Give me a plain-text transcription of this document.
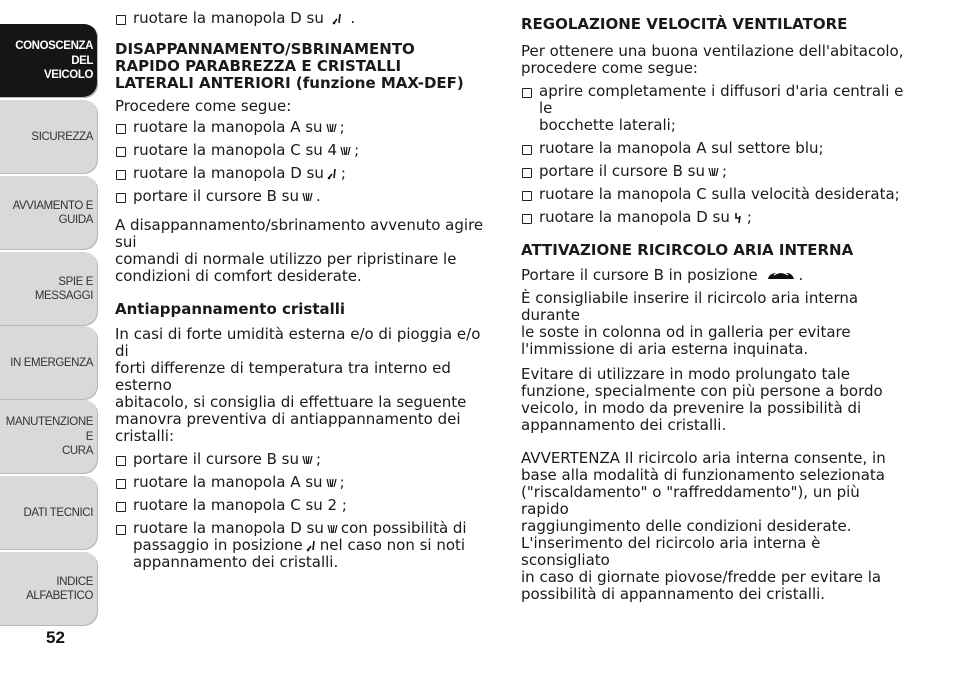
CONOSCENZA DEL
VEICOLO
SICUREZZA
AVVIAMENTO E
GUIDA
SPIE E MESSAGGI
IN EMERGENZA
MANUTENZIONE E
CURA
DATI TECNICI
INDICE ALFABETICO
52

ruotare la manopola D su .

DISAPPANNAMENTO/SBRINAMENTO

RAPIDO PARABREZZA E CRISTALLI

LATERALI ANTERIORI (funzione MAX-DEF)

Procedere come segue:

ruotare la manopola A su ;

ruotare la manopola C su 4 ;

ruotare la manopola D su ;

portare il cursore B su .

A disappannamento/sbrinamento avvenuto agire sui

comandi di normale utilizzo per ripristinare le

condizioni di comfort desiderate.

Antiappannamento cristalli

In casi di forte umidità esterna e/o di pioggia e/o di

forti differenze di temperatura tra interno ed esterno

abitacolo, si consiglia di effettuare la seguente

manovra preventiva di antiappannamento dei cristalli:

portare il cursore B su ;

ruotare la manopola A su ;

ruotare la manopola C su 2 ;

ruotare la manopola D su con possibilità di
passaggio in posizione nel caso non si noti
appannamento dei cristalli.

REGOLAZIONE VELOCITÀ VENTILATORE

Per ottenere una buona ventilazione dell'abitacolo,

procedere come segue:

aprire completamente i diffusori d'aria centrali e le
bocchette laterali;

ruotare la manopola A sul settore blu;

portare il cursore B su ;

ruotare la manopola C sulla velocità desiderata;

ruotare la manopola D su ;

ATTIVAZIONE RICIRCOLO ARIA INTERNA

Portare il cursore B in posizione	.

È consigliabile inserire il ricircolo aria interna durante

le soste in colonna od in galleria per evitare

l'immissione di aria esterna inquinata.

Evitare di utilizzare in modo prolungato tale

funzione, specialmente con più persone a bordo

veicolo, in modo da prevenire la possibilità di

appannamento dei cristalli.

AVVERTENZA Il ricircolo aria interna consente, in

base alla modalità di funzionamento selezionata

("riscaldamento" o "raffreddamento"), un più rapido

raggiungimento delle condizioni desiderate.

L'inserimento del ricircolo aria interna è sconsigliato

in caso di giornate piovose/fredde per evitare la

possibilità di appannamento dei cristalli.
